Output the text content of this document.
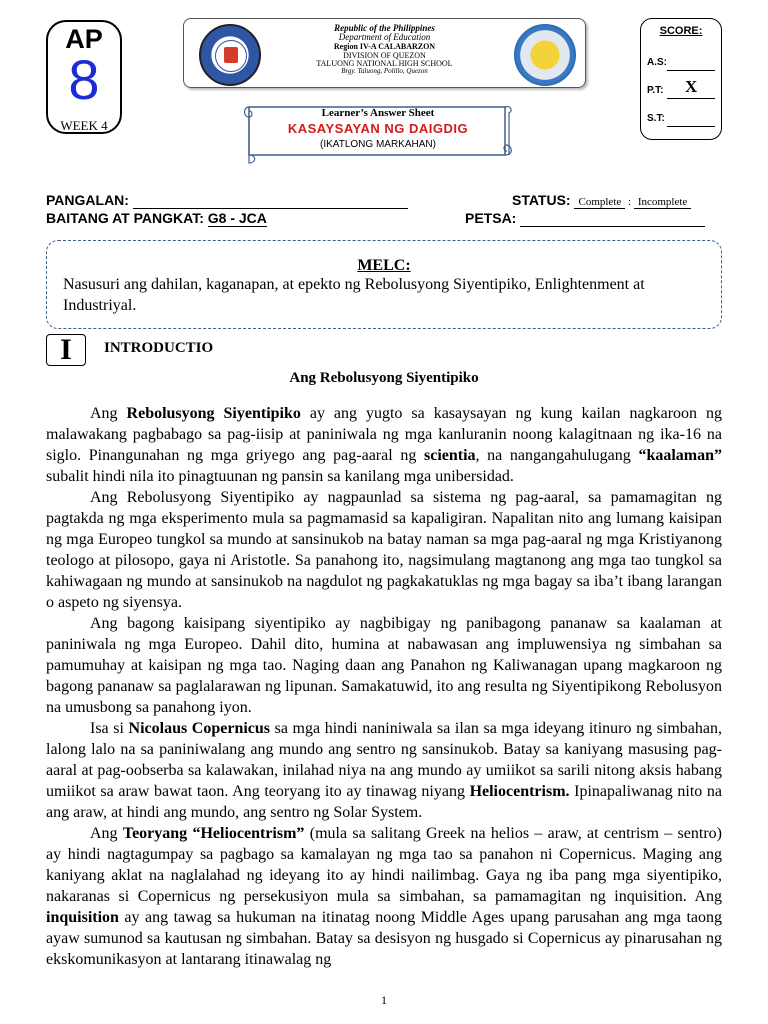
AP
8
WEEK 4
Republic of the Philippines
Department of Education
Region IV-A CALABARZON
DIVISION OF QUEZON
TALUONG NATIONAL HIGH SCHOOL
Brgy. Taluong, Polillo, Quezon
Learner’s Answer Sheet
KASAYSAYAN NG DAIGDIG
(IKATLONG MARKAHAN)
SCORE:
A.S:
P.T: X
S.T:
PANGALAN:
BAITANG AT PANGKAT: G8 - JCA
STATUS: Complete : Incomplete
PETSA:
MELC:
Nasusuri ang dahilan, kaganapan, at epekto ng Rebolusyong Siyentipiko, Enlightenment at Industriyal.
I	INTRODUCTIO
Ang Rebolusyong Siyentipiko

Ang Rebolusyong Siyentipiko ay ang yugto sa kasaysayan ng kung kailan nagkaroon ng malawakang pagbabago sa pag-iisip at paniniwala ng mga kanluranin noong kalagitnaan ng ika-16 na siglo. Pinangunahan ng mga griyego ang pag-aaral ng scientia, na nangangahulugang “kaalaman” subalit hindi nila ito pinagtuunan ng pansin sa kanilang mga unibersidad.

Ang Rebolusyong Siyentipiko ay nagpaunlad sa sistema ng pag-aaral, sa pamamagitan ng pagtakda ng mga eksperimento mula sa pagmamasid sa kapaligiran. Napalitan nito ang lumang kaisipan ng mga Europeo tungkol sa mundo at sansinukob na batay naman sa mga pag-aaral ng mga Kristiyanong teologo at pilosopo, gaya ni Aristotle. Sa panahong ito, nagsimulang magtanong ang mga tao tungkol sa kahiwagaan ng mundo at sansinukob na nagdulot ng pagkakatuklas ng mga bagay sa iba’t ibang larangan o aspeto ng siyensya.

Ang bagong kaisipang siyentipiko ay nagbibigay ng panibagong pananaw sa kaalaman at paniniwala ng mga Europeo. Dahil dito, humina at nabawasan ang impluwensiya ng simbahan sa pamumuhay at kaisipan ng mga tao. Naging daan ang Panahon ng Kaliwanagan upang magkaroon ng bagong pananaw sa paglalarawan ng lipunan. Samakatuwid, ito ang resulta ng Siyentipikong Rebolusyon na umusbong sa panahong iyon.

Isa si Nicolaus Copernicus sa mga hindi naniniwala sa ilan sa mga ideyang itinuro ng simbahan, lalong lalo na sa paniniwalang ang mundo ang sentro ng sansinukob. Batay sa kaniyang masusing pag-aaral at pag-oobserba sa kalawakan, inilahad niya na ang mundo ay umiikot sa sarili nitong aksis habang umiikot sa araw bawat taon. Ang teoryang ito ay tinawag niyang Heliocentrism. Ipinapaliwanag nito na ang araw, at hindi ang mundo, ang sentro ng Solar System.

Ang Teoryang “Heliocentrism” (mula sa salitang Greek na helios – araw, at centrism – sentro) ay hindi nagtagumpay sa pagbago sa kamalayan ng mga tao sa panahon ni Copernicus. Maging ang kaniyang aklat na naglalahad ng ideyang ito ay hindi nailimbag. Gaya ng iba pang mga siyentipiko, nakaranas si Copernicus ng persekusiyon mula sa simbahan, sa pamamagitan ng inquisition. Ang inquisition ay ang tawag sa hukuman na itinatag noong Middle Ages upang parusahan ang mga taong ayaw sumunod sa kautusan ng simbahan. Batay sa desisyon ng husgado si Copernicus ay pinarusahan ng ekskomunikasyon at lantarang itinawalag ng

1
